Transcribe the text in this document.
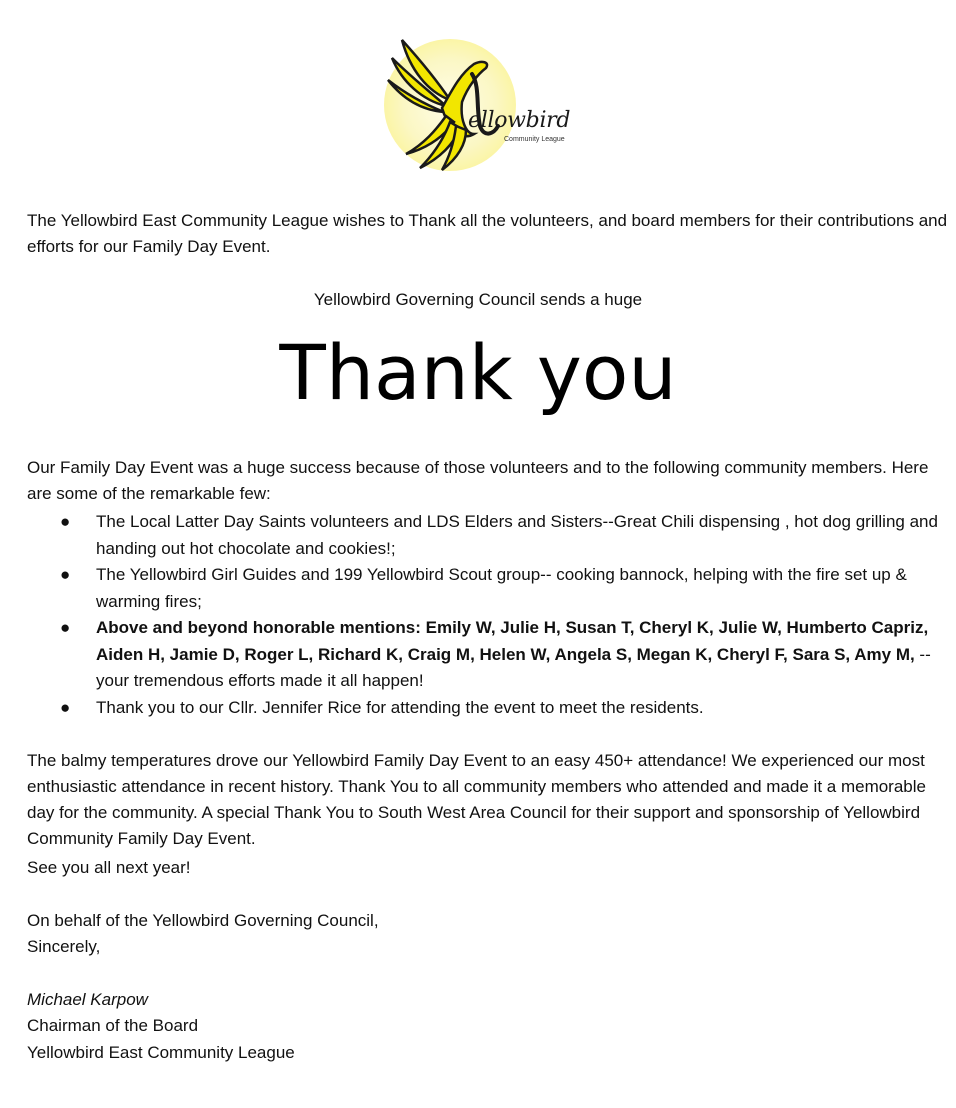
ellowbird
Community League

The Yellowbird East Community League wishes to Thank all the volunteers, and board members for their contributions and efforts for our Family Day Event.

Yellowbird Governing Council sends a huge

Thank you

Our Family Day Event was a huge success because of those volunteers and to the following community members. Here are some of the remarkable few:

● The Local Latter Day Saints volunteers and LDS Elders and Sisters--Great Chili dispensing , hot dog grilling and handing out hot chocolate and cookies!;
● The Yellowbird Girl Guides and 199 Yellowbird Scout group-- cooking bannock, helping with the fire set up & warming fires;
● Above and beyond honorable mentions: Emily W, Julie H, Susan T, Cheryl K, Julie W, Humberto Capriz, Aiden H, Jamie D, Roger L, Richard K, Craig M, Helen W, Angela S, Megan K, Cheryl F, Sara S, Amy M, --your tremendous efforts made it all happen!
● Thank you to our Cllr. Jennifer Rice for attending the event to meet the residents.

The balmy temperatures drove our Yellowbird Family Day Event to an easy 450+ attendance! We experienced our most enthusiastic attendance in recent history. Thank You to all community members who attended and made it a memorable day for the community. A special Thank You to South West Area Council for their support and sponsorship of Yellowbird Community Family Day Event.

See you all next year!

On behalf of the Yellowbird Governing Council,

Sincerely,

Michael Karpow

Chairman of the Board

Yellowbird East Community League
